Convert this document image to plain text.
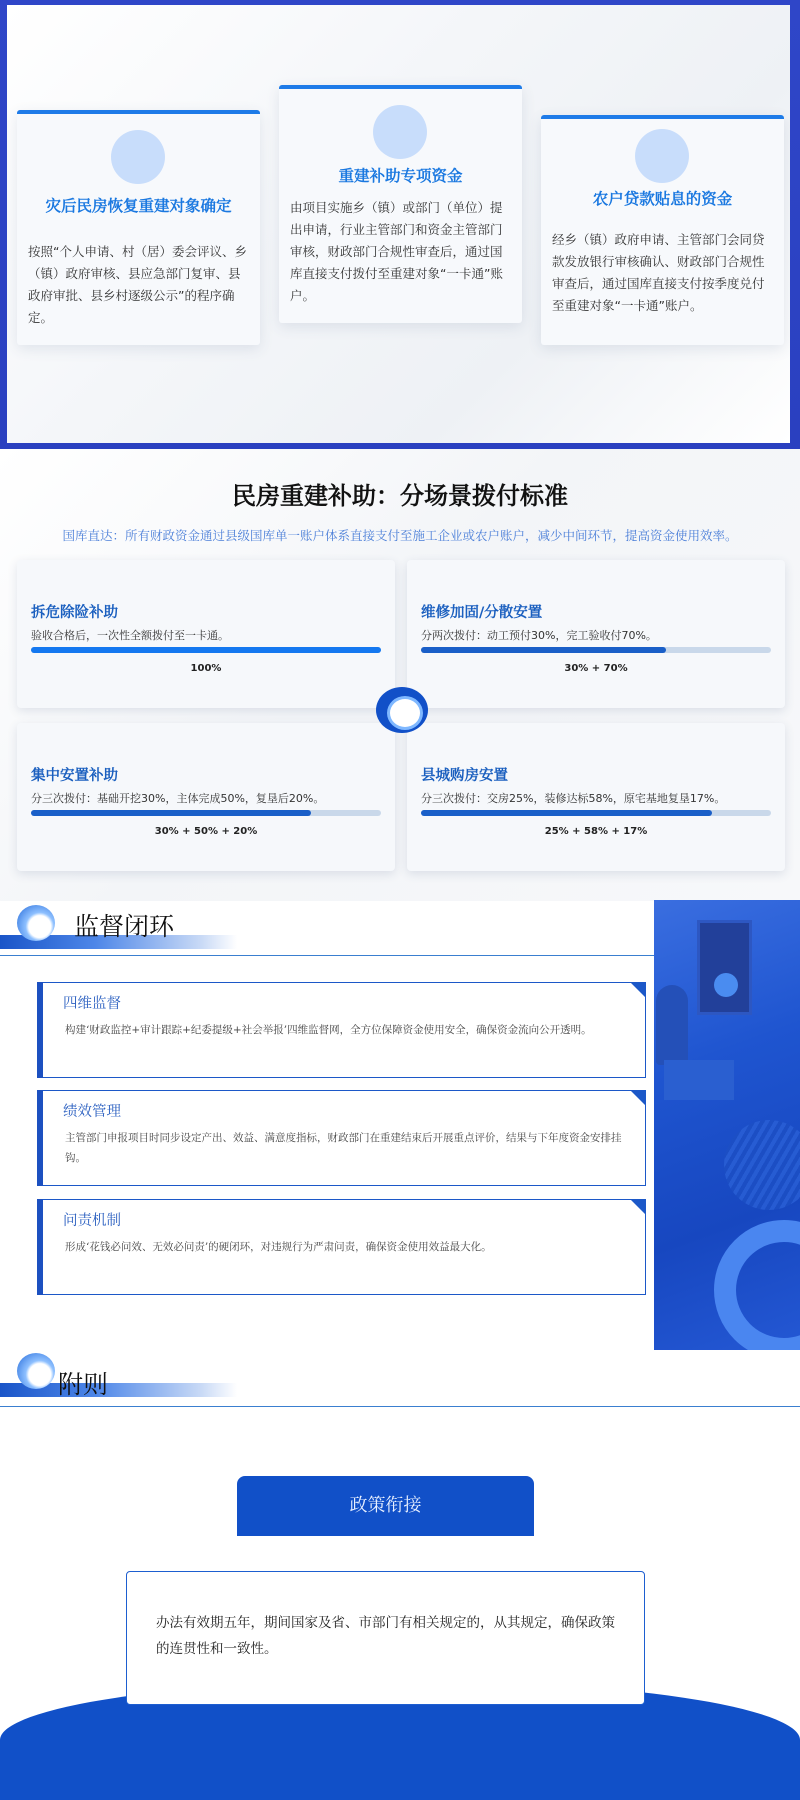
灾后民房恢复重建对象确定
按照“个人申请、村（居）委会评议、乡（镇）政府审核、县应急部门复审、县政府审批、县乡村逐级公示”的程序确定。
重建补助专项资金
由项目实施乡（镇）或部门（单位）提出申请，行业主管部门和资金主管部门审核，财政部门合规性审查后，通过国库直接支付拨付至重建对象“一卡通”账户。
农户贷款贴息的资金
经乡（镇）政府申请、主管部门会同贷款发放银行审核确认、财政部门合规性审查后，通过国库直接支付按季度兑付至重建对象“一卡通”账户。
民房重建补助：分场景拨付标准
国库直达：所有财政资金通过县级国库单一账户体系直接支付至施工企业或农户账户，减少中间环节，提高资金使用效率。
拆危除险补助
验收合格后，一次性全额拨付至一卡通。
100%
维修加固/分散安置
分两次拨付：动工预付30%，完工验收付70%。
30% + 70%
集中安置补助
分三次拨付：基础开挖30%，主体完成50%，复垦后20%。
30% + 50% + 20%
县城购房安置
分三次拨付：交房25%，装修达标58%，原宅基地复垦17%。
25% + 58% + 17%
监督闭环
四维监督
构建‘财政监控+审计跟踪+纪委提级+社会举报’四维监督网，全方位保障资金使用安全，确保资金流向公开透明。
绩效管理
主管部门申报项目时同步设定产出、效益、满意度指标，财政部门在重建结束后开展重点评价，结果与下年度资金安排挂钩。
问责机制
形成‘花钱必问效、无效必问责’的硬闭环，对违规行为严肃问责，确保资金使用效益最大化。
附则
政策衔接
办法有效期五年，期间国家及省、市部门有相关规定的，从其规定，确保政策的连贯性和一致性。
